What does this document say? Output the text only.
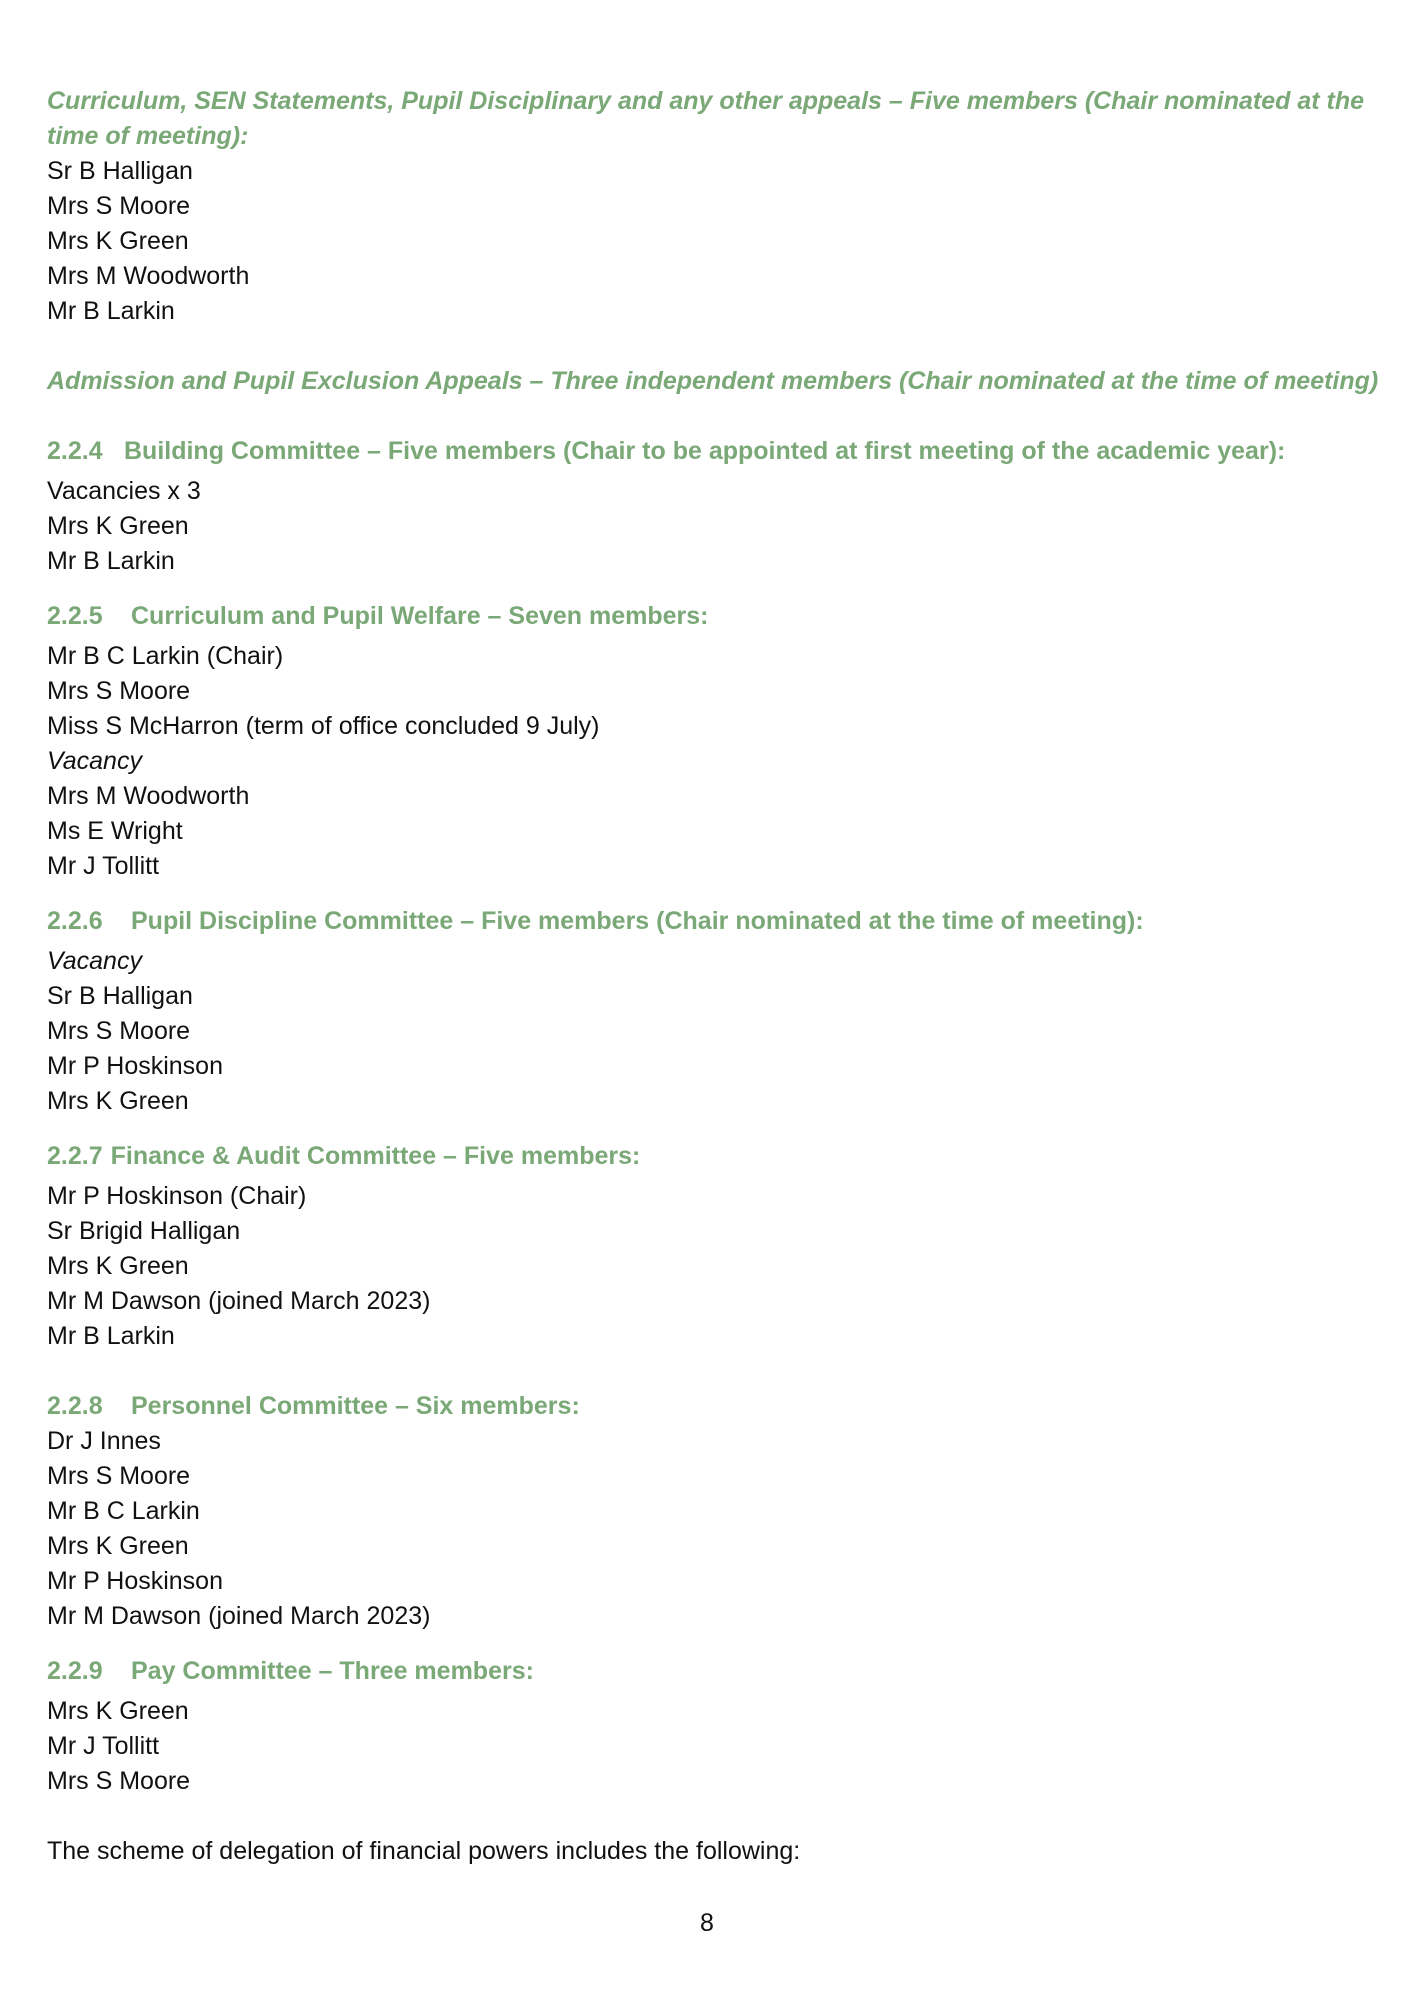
Curriculum, SEN Statements, Pupil Disciplinary and any other appeals – Five members (Chair nominated at the time of meeting):

Sr B Halligan

Mrs S Moore

Mrs K Green

Mrs M Woodworth

Mr B Larkin

Admission and Pupil Exclusion Appeals – Three independent members (Chair nominated at the time of meeting)

2.2.4 Building Committee – Five members (Chair to be appointed at first meeting of the academic year):

Vacancies x 3

Mrs K Green

Mr B Larkin

2.2.5 Curriculum and Pupil Welfare – Seven members:

Mr B C Larkin (Chair)

Mrs S Moore

Miss S McHarron (term of office concluded 9 July)

Vacancy

Mrs M Woodworth

Ms E Wright

Mr J Tollitt

2.2.6 Pupil Discipline Committee – Five members (Chair nominated at the time of meeting):

Vacancy

Sr B Halligan

Mrs S Moore

Mr P Hoskinson

Mrs K Green

2.2.7 Finance & Audit Committee – Five members:

Mr P Hoskinson (Chair)

Sr Brigid Halligan

Mrs K Green

Mr M Dawson (joined March 2023)

Mr B Larkin

2.2.8 Personnel Committee – Six members:

Dr J Innes

Mrs S Moore

Mr B C Larkin

Mrs K Green

Mr P Hoskinson

Mr M Dawson (joined March 2023)

2.2.9 Pay Committee – Three members:

Mrs K Green

Mr J Tollitt

Mrs S Moore

The scheme of delegation of financial powers includes the following:

8
